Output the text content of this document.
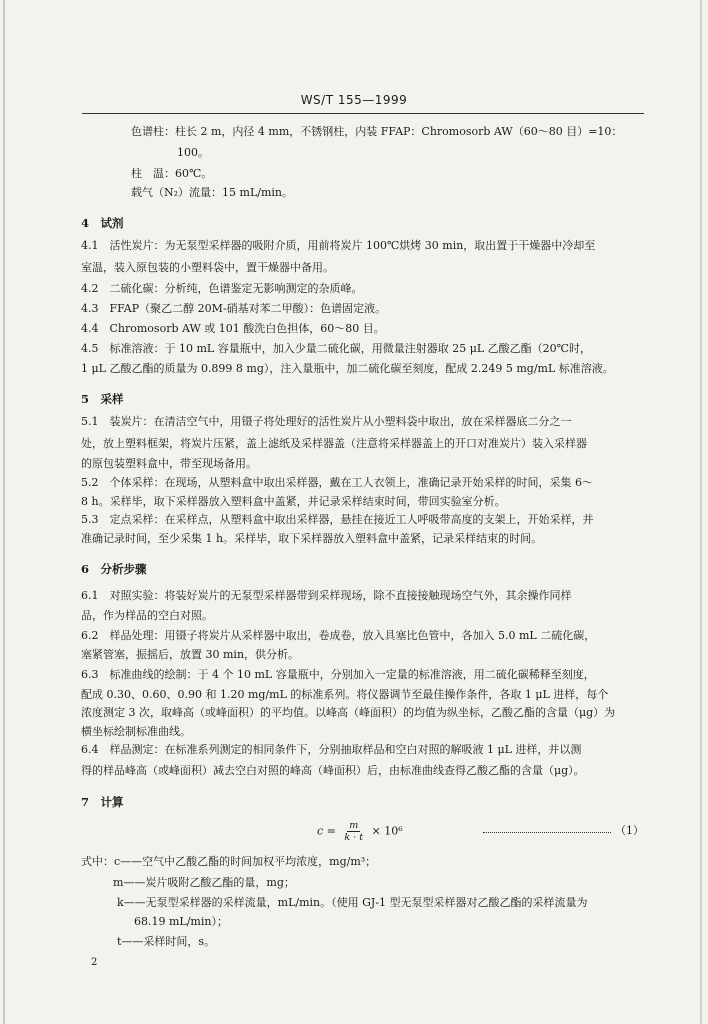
WS/T 155—1999
色谱柱：柱长 2 m，内径 4 mm，不锈钢柱，内装 FFAP：Chromosorb AW（60～80 目）=10：
100。
柱　温：60℃。
载气（N₂）流量：15 mL/min。
4　试剂
4.1　活性炭片：为无泵型采样器的吸附介质，用前将炭片 100℃烘烤 30 min，取出置于干燥器中冷却至
室温，装入原包装的小塑料袋中，置干燥器中备用。
4.2　二硫化碳：分析纯，色谱鉴定无影响测定的杂质峰。
4.3　FFAP（聚乙二醇 20M-硝基对苯二甲酸）：色谱固定液。
4.4　Chromosorb AW 或 101 酸洗白色担体，60～80 目。
4.5　标准溶液：于 10 mL 容量瓶中，加入少量二硫化碳，用微量注射器取 25 μL 乙酸乙酯（20℃时，
1 μL 乙酸乙酯的质量为 0.899 8 mg），注入量瓶中，加二硫化碳至刻度，配成 2.249 5 mg/mL 标准溶液。
5　采样
5.1　装炭片：在清洁空气中，用镊子将处理好的活性炭片从小塑料袋中取出，放在采样器底二分之一
处，放上塑料框架，将炭片压紧，盖上滤纸及采样器盖（注意将采样器盖上的开口对准炭片）装入采样器
的原包装塑料盒中，带至现场备用。
5.2　个体采样：在现场，从塑料盒中取出采样器，戴在工人衣领上，准确记录开始采样的时间，采集 6～
8 h。采样毕，取下采样器放入塑料盒中盖紧，并记录采样结束时间，带回实验室分析。
5.3　定点采样：在采样点，从塑料盒中取出采样器，悬挂在接近工人呼吸带高度的支架上，开始采样，并
准确记录时间，至少采集 1 h。采样毕，取下采样器放入塑料盒中盖紧，记录采样结束的时间。
6　分析步骤
6.1　对照实验：将装好炭片的无泵型采样器带到采样现场，除不直接接触现场空气外，其余操作同样
品，作为样品的空白对照。
6.2　样品处理：用镊子将炭片从采样器中取出，卷成卷，放入具塞比色管中，各加入 5.0 mL 二硫化碳，
塞紧管塞，振摇后，放置 30 min，供分析。
6.3　标准曲线的绘制：于 4 个 10 mL 容量瓶中，分别加入一定量的标准溶液，用二硫化碳稀释至刻度，
配成 0.30、0.60、0.90 和 1.20 mg/mL 的标准系列。将仪器调节至最佳操作条件，各取 1 μL 进样，每个
浓度测定 3 次，取峰高（或峰面积）的平均值。以峰高（峰面积）的均值为纵坐标，乙酸乙酯的含量（μg）为
横坐标绘制标准曲线。
6.4　样品测定：在标准系列测定的相同条件下，分别抽取样品和空白对照的解吸液 1 μL 进样，并以测
得的样品峰高（或峰面积）减去空白对照的峰高（峰面积）后，由标准曲线查得乙酸乙酯的含量（μg）。
7　计算
$c = \frac{m}{k \cdot t} \times 10^6$	（1）
式中：c——空气中乙酸乙酯的时间加权平均浓度，mg/m³；
m——炭片吸附乙酸乙酯的量，mg；
k——无泵型采样器的采样流量，mL/min。（使用 GJ-1 型无泵型采样器对乙酸乙酯的采样流量为
68.19 mL/min）；
t——采样时间，s。
2
